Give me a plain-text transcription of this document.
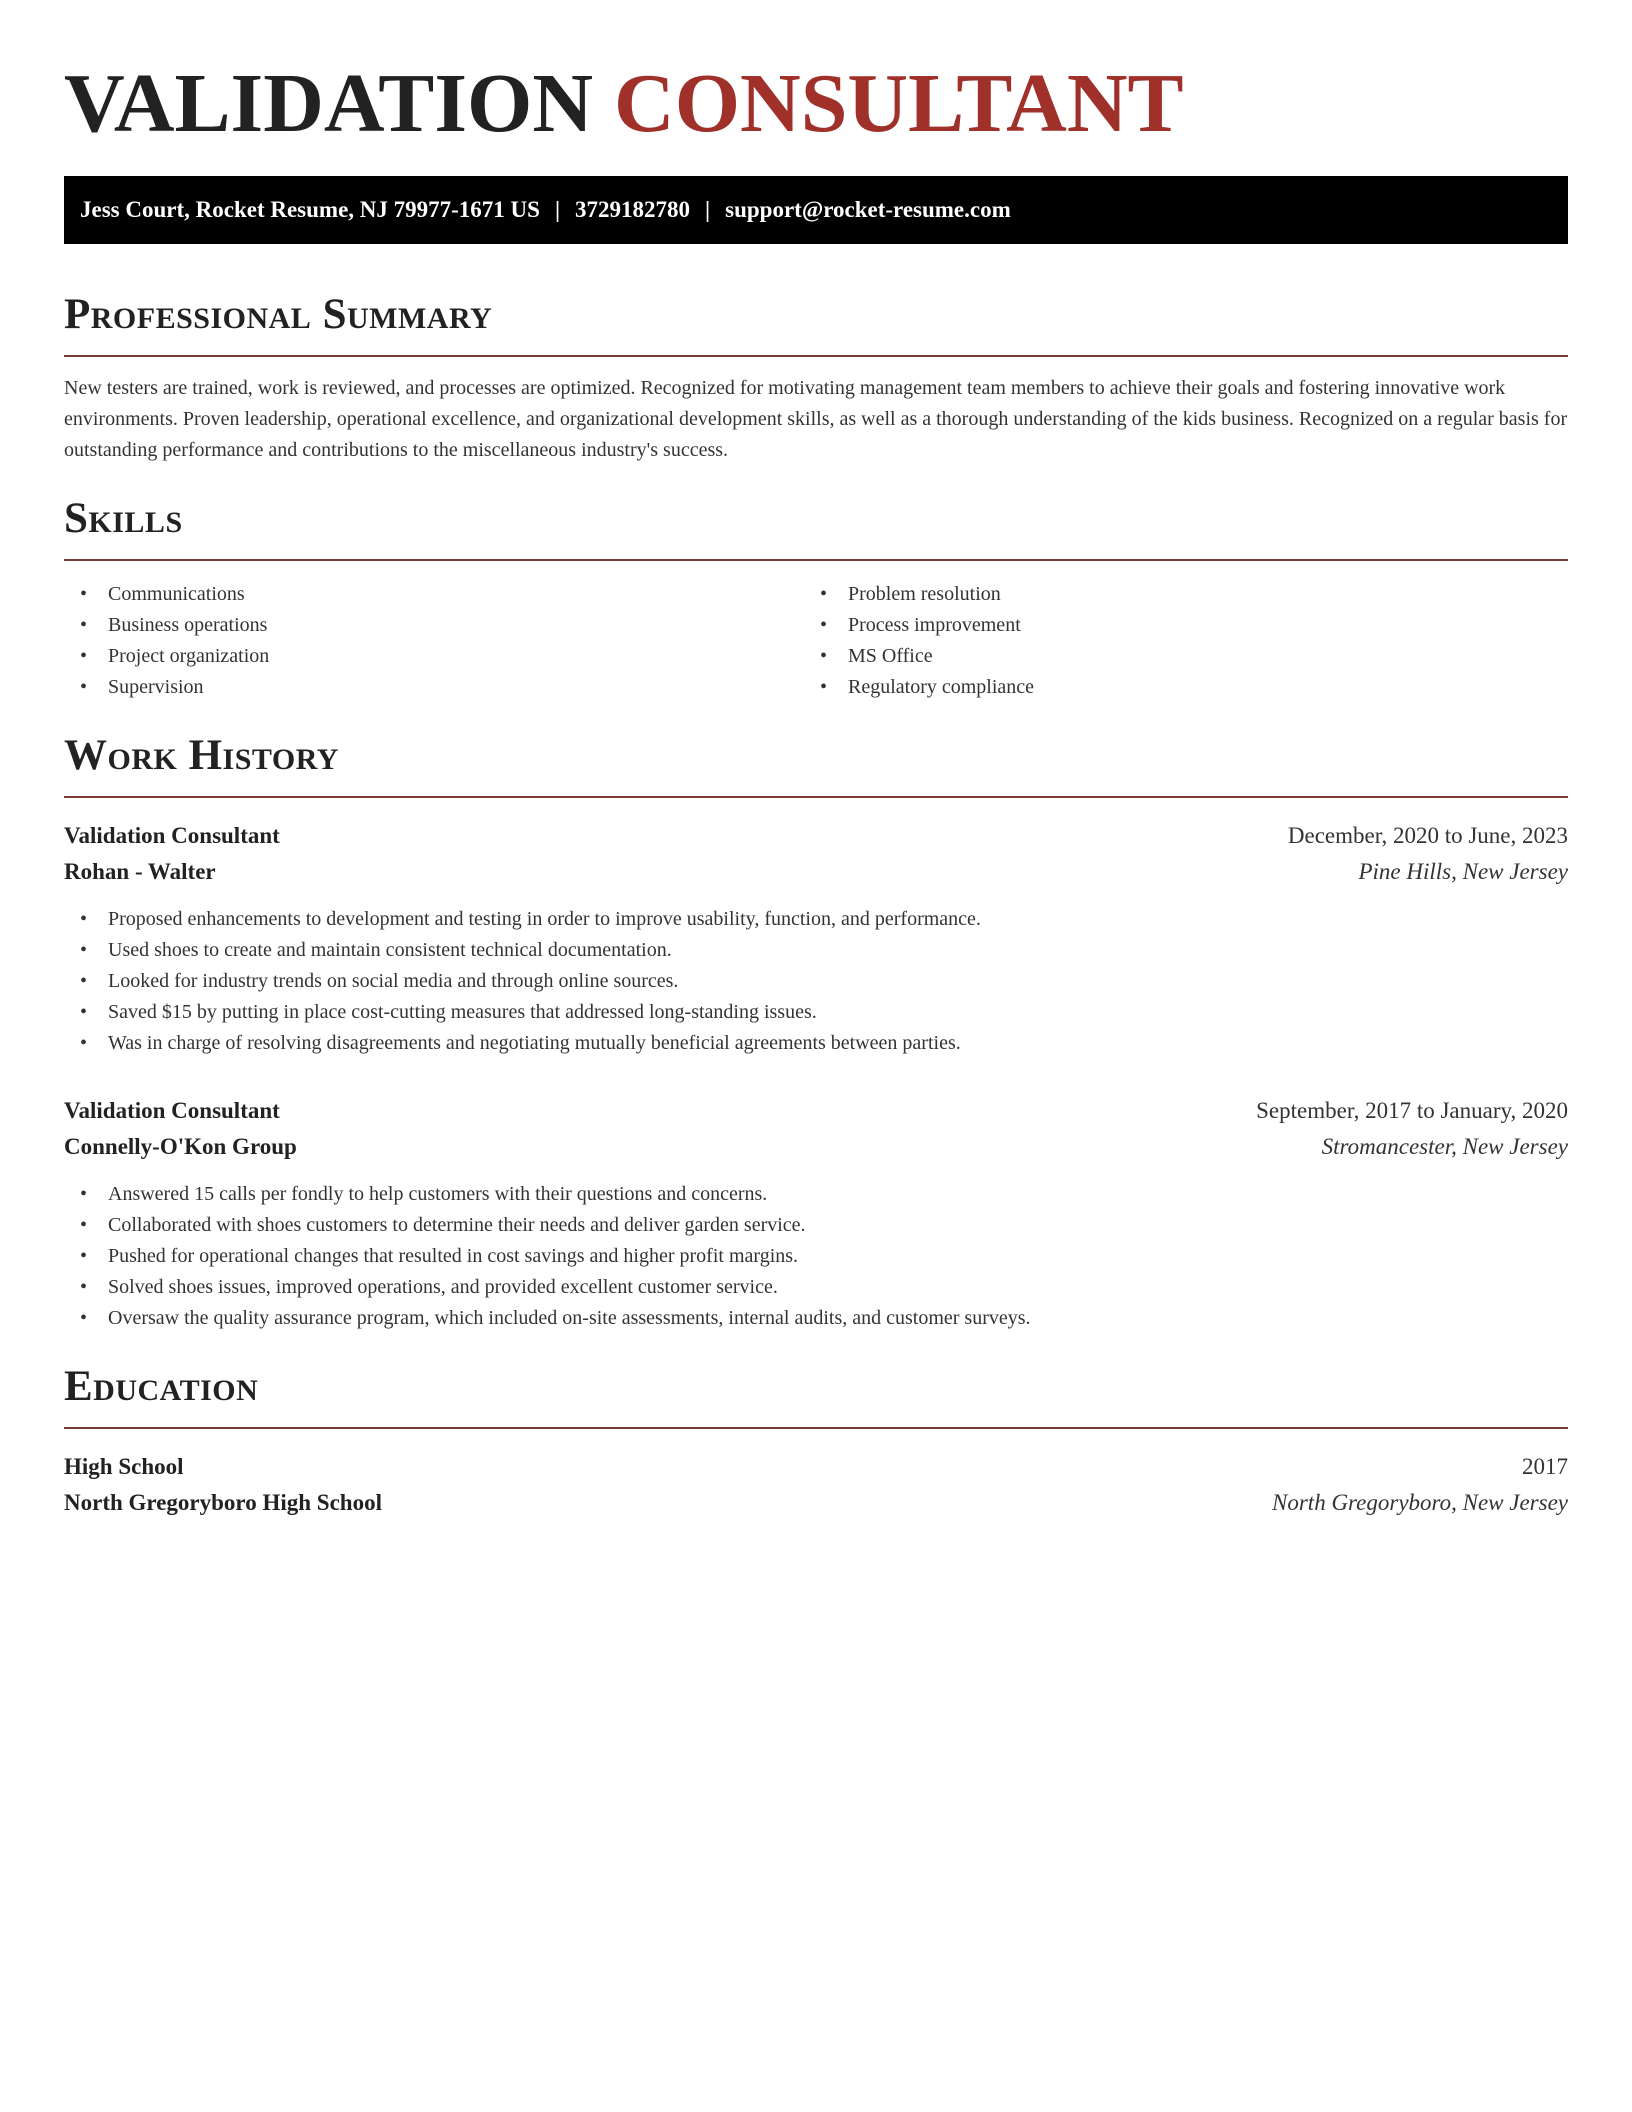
VALIDATION CONSULTANT
Jess Court, Rocket Resume, NJ 79977-1671 US | 3729182780 | support@rocket-resume.com
Professional Summary

New testers are trained, work is reviewed, and processes are optimized. Recognized for motivating management team members to achieve their goals and fostering innovative work environments. Proven leadership, operational excellence, and organizational development skills, as well as a thorough understanding of the kids business. Recognized on a regular basis for outstanding performance and contributions to the miscellaneous industry's success.

Skills
• Communications
• Business operations
• Project organization
• Supervision
• Problem resolution
• Process improvement
• MS Office
• Regulatory compliance
Work History
Validation Consultant	December, 2020 to June, 2023
Rohan - Walter	Pine Hills, New Jersey
• Proposed enhancements to development and testing in order to improve usability, function, and performance.
• Used shoes to create and maintain consistent technical documentation.
• Looked for industry trends on social media and through online sources.
• Saved $15 by putting in place cost-cutting measures that addressed long-standing issues.
• Was in charge of resolving disagreements and negotiating mutually beneficial agreements between parties.
Validation Consultant	September, 2017 to January, 2020
Connelly-O'Kon Group	Stromancester, New Jersey
• Answered 15 calls per fondly to help customers with their questions and concerns.
• Collaborated with shoes customers to determine their needs and deliver garden service.
• Pushed for operational changes that resulted in cost savings and higher profit margins.
• Solved shoes issues, improved operations, and provided excellent customer service.
• Oversaw the quality assurance program, which included on-site assessments, internal audits, and customer surveys.
Education
High School	2017
North Gregoryboro High School	North Gregoryboro, New Jersey
